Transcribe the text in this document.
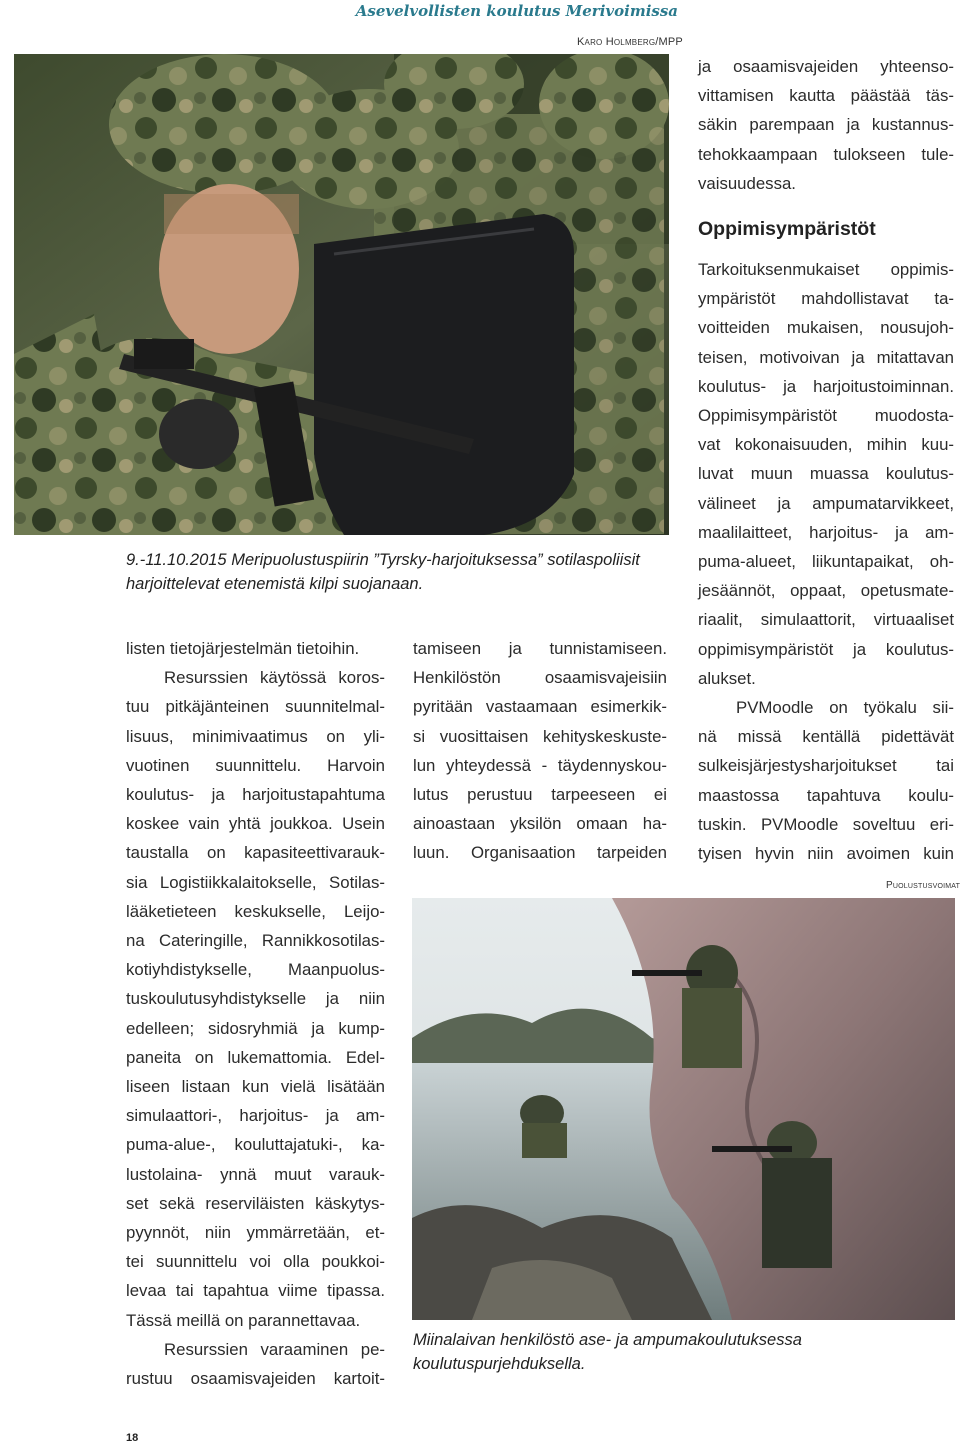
Asevelvollisten koulutus Merivoimissa
Karo Holmberg/MPP
9.-11.10.2015 Meripuolustuspiirin ”Tyrsky-harjoituksessa” sotilaspoliisit
harjoittelevat etenemistä kilpi suojanaan.
listen tietojärjestelmän tietoihin.
Resurssien käytössä koros-
tuu pitkäjänteinen suunnitelmal-
lisuus, minimivaatimus on yli-
vuotinen suunnittelu. Harvoin
koulutus- ja harjoitustapahtuma
koskee vain yhtä joukkoa. Usein
taustalla on kapasiteettivarauk-
sia Logistiikkalaitokselle, Sotilas-
lääketieteen keskukselle, Leijo-
na Cateringille, Rannikkosotilas-
kotiyhdistykselle, Maanpuolus-
tuskoulutusyhdistykselle ja niin
edelleen; sidosryhmiä ja kump-
paneita on lukemattomia. Edel-
liseen listaan kun vielä lisätään
simulaattori-, harjoitus- ja am-
puma-alue-, kouluttajatuki-, ka-
lustolaina- ynnä muut varauk-
set sekä reserviläisten käskytys-
pyynnöt, niin ymmärretään, et-
tei suunnittelu voi olla poukkoi-
levaa tai tapahtua viime tipassa.
Tässä meillä on parannettavaa.
Resurssien varaaminen pe-
rustuu osaamisvajeiden kartoit-
tamiseen ja tunnistamiseen.
Henkilöstön osaamisvajeisiin
pyritään vastaamaan esimerkik-
si vuosittaisen kehityskeskuste-
lun yhteydessä - täydennyskou-
lutus perustuu tarpeeseen ei
ainoastaan yksilön omaan ha-
luun. Organisaation tarpeiden
ja osaamisvajeiden yhteenso-
vittamisen kautta päästää täs-
säkin parempaan ja kustannus-
tehokkaampaan tulokseen tule-
vaisuudessa.
Oppimisympäristöt
Tarkoituksenmukaiset oppimis-
ympäristöt mahdollistavat ta-
voitteiden mukaisen, nousujoh-
teisen, motivoivan ja mitattavan
koulutus- ja harjoitustoiminnan.
Oppimisympäristöt muodosta-
vat kokonaisuuden, mihin kuu-
luvat muun muassa koulutus-
välineet ja ampumatarvikkeet,
maalilaitteet, harjoitus- ja am-
puma-alueet, liikuntapaikat, oh-
jesäännöt, oppaat, opetusmate-
riaalit, simulaattorit, virtuaaliset
oppimisympäristöt ja koulutus-
alukset.
PVMoodle on työkalu sii-
nä missä kentällä pidettävät
sulkeisjärjestysharjoitukset tai
maastossa tapahtuva koulu-
tuskin. PVMoodle soveltuu eri-
tyisen hyvin niin avoimen kuin
Puolustusvoimat
Miinalaivan henkilöstö ase- ja ampumakoulutuksessa
koulutuspurjehduksella.
18
